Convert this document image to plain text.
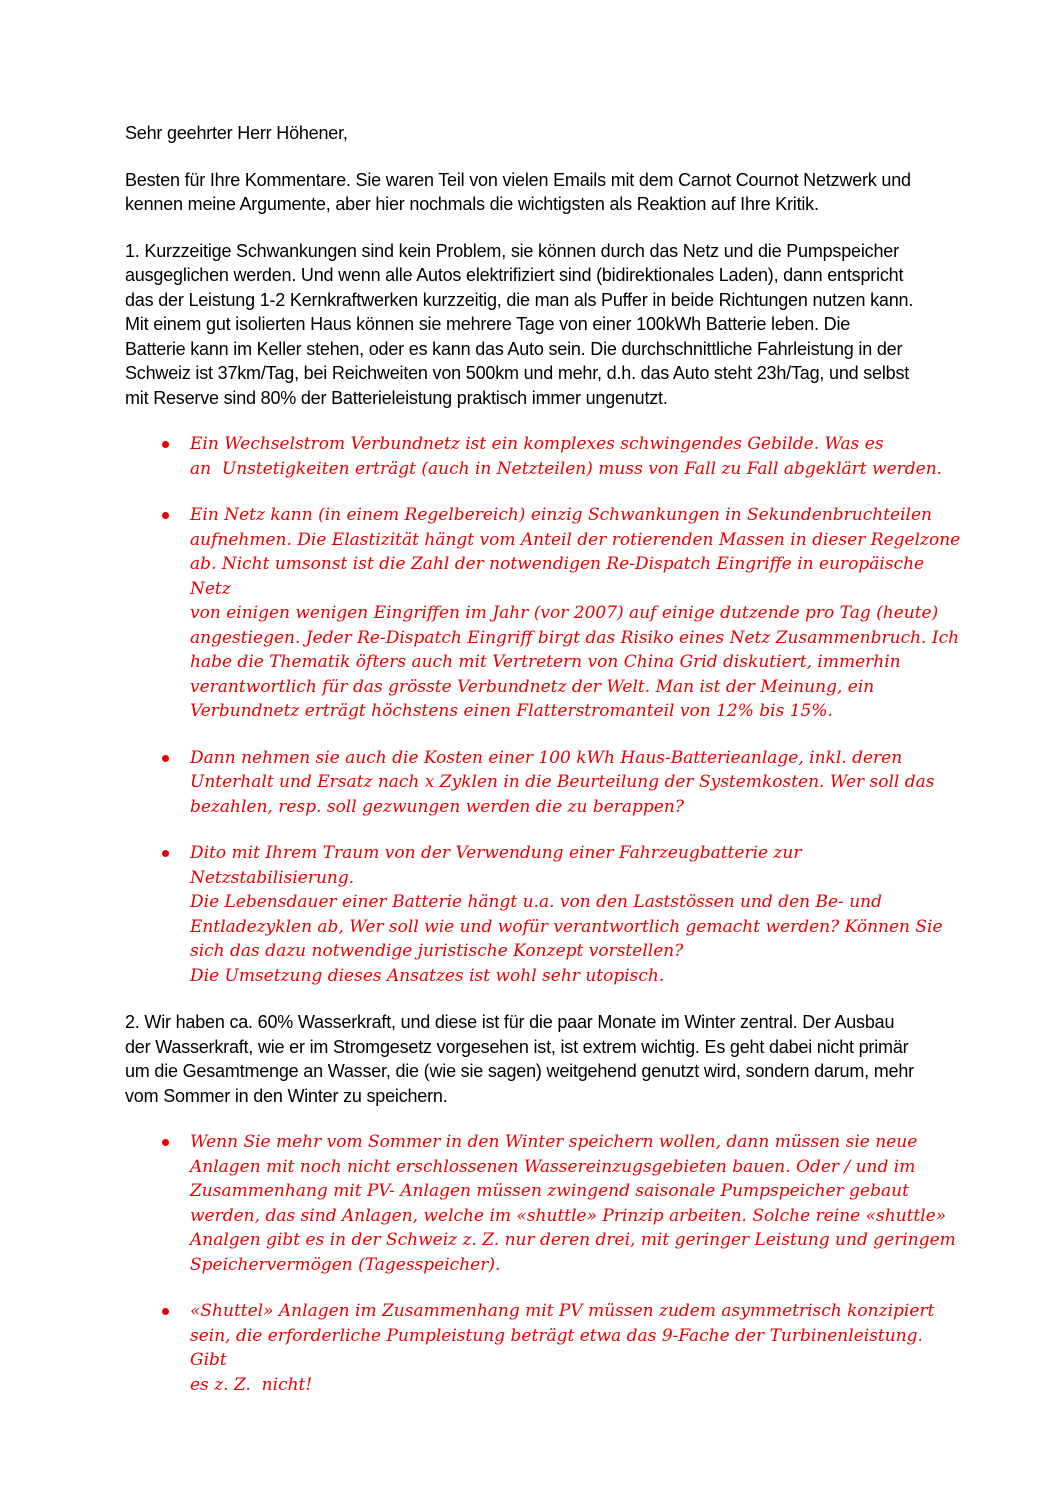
Sehr geehrter Herr Höhener,

Besten für Ihre Kommentare. Sie waren Teil von vielen Emails mit dem Carnot Cournot Netzwerk und
kennen meine Argumente, aber hier nochmals die wichtigsten als Reaktion auf Ihre Kritik.

1. Kurzzeitige Schwankungen sind kein Problem, sie können durch das Netz und die Pumpspeicher
ausgeglichen werden. Und wenn alle Autos elektrifiziert sind (bidirektionales Laden), dann entspricht
das der Leistung 1-2 Kernkraftwerken kurzzeitig, die man als Puffer in beide Richtungen nutzen kann.
Mit einem gut isolierten Haus können sie mehrere Tage von einer 100kWh Batterie leben. Die
Batterie kann im Keller stehen, oder es kann das Auto sein. Die durchschnittliche Fahrleistung in der
Schweiz ist 37km/Tag, bei Reichweiten von 500km und mehr, d.h. das Auto steht 23h/Tag, und selbst
mit Reserve sind 80% der Batterieleistung praktisch immer ungenutzt.

Ein Wechselstrom Verbundnetz ist ein komplexes schwingendes Gebilde. Was es
an  Unstetigkeiten erträgt (auch in Netzteilen) muss von Fall zu Fall abgeklärt werden.
Ein Netz kann (in einem Regelbereich) einzig Schwankungen in Sekundenbruchteilen
aufnehmen. Die Elastizität hängt vom Anteil der rotierenden Massen in dieser Regelzone
ab. Nicht umsonst ist die Zahl der notwendigen Re-Dispatch Eingriffe in europäische Netz
von einigen wenigen Eingriffen im Jahr (vor 2007) auf einige dutzende pro Tag (heute)
angestiegen. Jeder Re-Dispatch Eingriff birgt das Risiko eines Netz Zusammenbruch. Ich
habe die Thematik öfters auch mit Vertretern von China Grid diskutiert, immerhin
verantwortlich für das grösste Verbundnetz der Welt. Man ist der Meinung, ein
Verbundnetz erträgt höchstens einen Flatterstromanteil von 12% bis 15%.
Dann nehmen sie auch die Kosten einer 100 kWh Haus-Batterieanlage, inkl. deren
Unterhalt und Ersatz nach x Zyklen in die Beurteilung der Systemkosten. Wer soll das
bezahlen, resp. soll gezwungen werden die zu berappen?
Dito mit Ihrem Traum von der Verwendung einer Fahrzeugbatterie zur Netzstabilisierung.
Die Lebensdauer einer Batterie hängt u.a. von den Laststössen und den Be- und
Entladezyklen ab, Wer soll wie und wofür verantwortlich gemacht werden? Können Sie
sich das dazu notwendige juristische Konzept vorstellen?
Die Umsetzung dieses Ansatzes ist wohl sehr utopisch.

2. Wir haben ca. 60% Wasserkraft, und diese ist für die paar Monate im Winter zentral. Der Ausbau
der Wasserkraft, wie er im Stromgesetz vorgesehen ist, ist extrem wichtig. Es geht dabei nicht primär
um die Gesamtmenge an Wasser, die (wie sie sagen) weitgehend genutzt wird, sondern darum, mehr
vom Sommer in den Winter zu speichern.

Wenn Sie mehr vom Sommer in den Winter speichern wollen, dann müssen sie neue
Anlagen mit noch nicht erschlossenen Wassereinzugsgebieten bauen. Oder / und im
Zusammenhang mit PV- Anlagen müssen zwingend saisonale Pumpspeicher gebaut
werden, das sind Anlagen, welche im «shuttle» Prinzip arbeiten. Solche reine «shuttle»
Analgen gibt es in der Schweiz z. Z. nur deren drei, mit geringer Leistung und geringem
Speichervermögen (Tagesspeicher).
«Shuttel» Anlagen im Zusammenhang mit PV müssen zudem asymmetrisch konzipiert
sein, die erforderliche Pumpleistung beträgt etwa das 9-Fache der Turbinenleistung. Gibt
es z. Z.  nicht!
